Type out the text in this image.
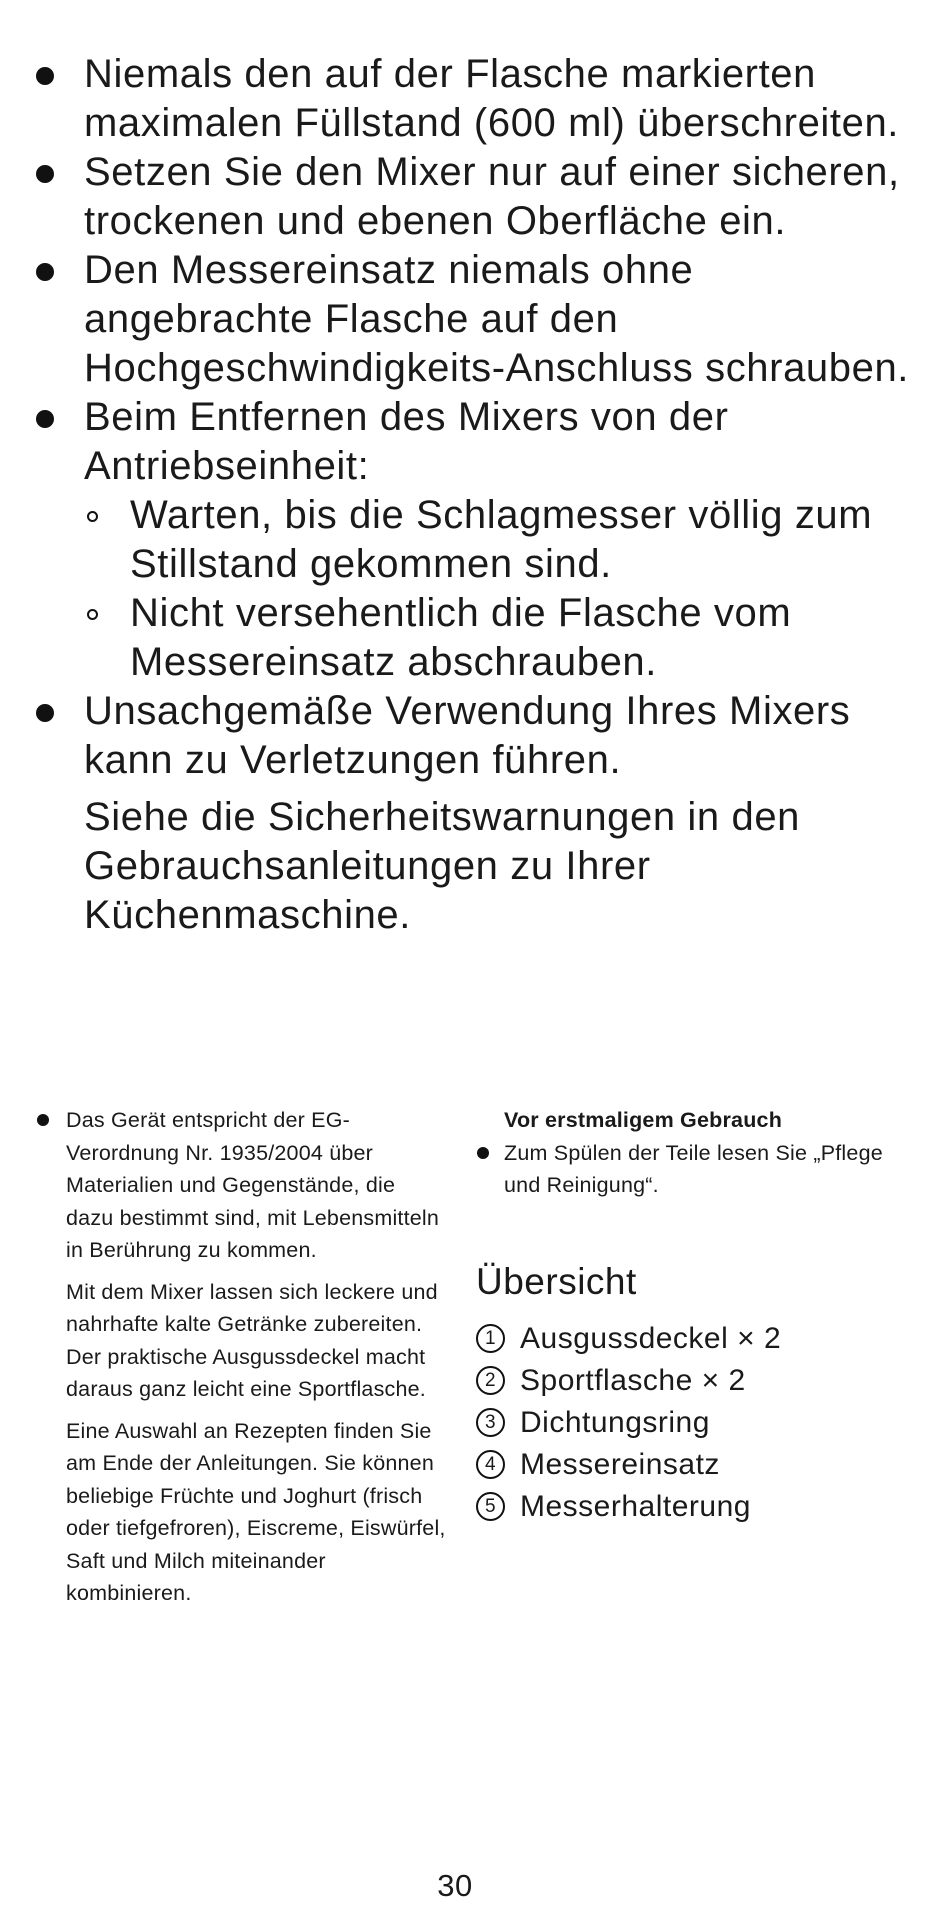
Niemals den auf der Flasche markierten maximalen Füllstand (600 ml) überschreiten.
Setzen Sie den Mixer nur auf einer sicheren, trockenen und ebenen Oberfläche ein.
Den Messereinsatz niemals ohne angebrachte Flasche auf den Hochgeschwindigkeits-Anschluss schrauben.
Beim Entfernen des Mixers von der Antriebseinheit:
Warten, bis die Schlagmesser völlig zum Stillstand gekommen sind.
Nicht versehentlich die Flasche vom Messereinsatz abschrauben.
Unsachgemäße Verwendung Ihres Mixers kann zu Verletzungen führen.

Siehe die Sicherheitswarnungen in den Gebrauchsanleitungen zu Ihrer Küchenmaschine.

Das Gerät entspricht der EG-Verordnung Nr. 1935/2004 über Materialien und Gegenstände, die dazu bestimmt sind, mit Lebensmitteln in Berührung zu kommen.

Mit dem Mixer lassen sich leckere und nahrhafte kalte Getränke zubereiten. Der praktische Ausgussdeckel macht daraus ganz leicht eine Sportflasche.

Eine Auswahl an Rezepten finden Sie am Ende der Anleitungen. Sie können beliebige Früchte und Joghurt (frisch oder tiefgefroren), Eiscreme, Eiswürfel, Saft und Milch miteinander kombinieren.

Vor erstmaligem Gebrauch
Zum Spülen der Teile lesen Sie „Pflege und Reinigung“.
Übersicht
1 Ausgussdeckel × 2
2 Sportflasche × 2
3 Dichtungsring
4 Messereinsatz
5 Messerhalterung
30
